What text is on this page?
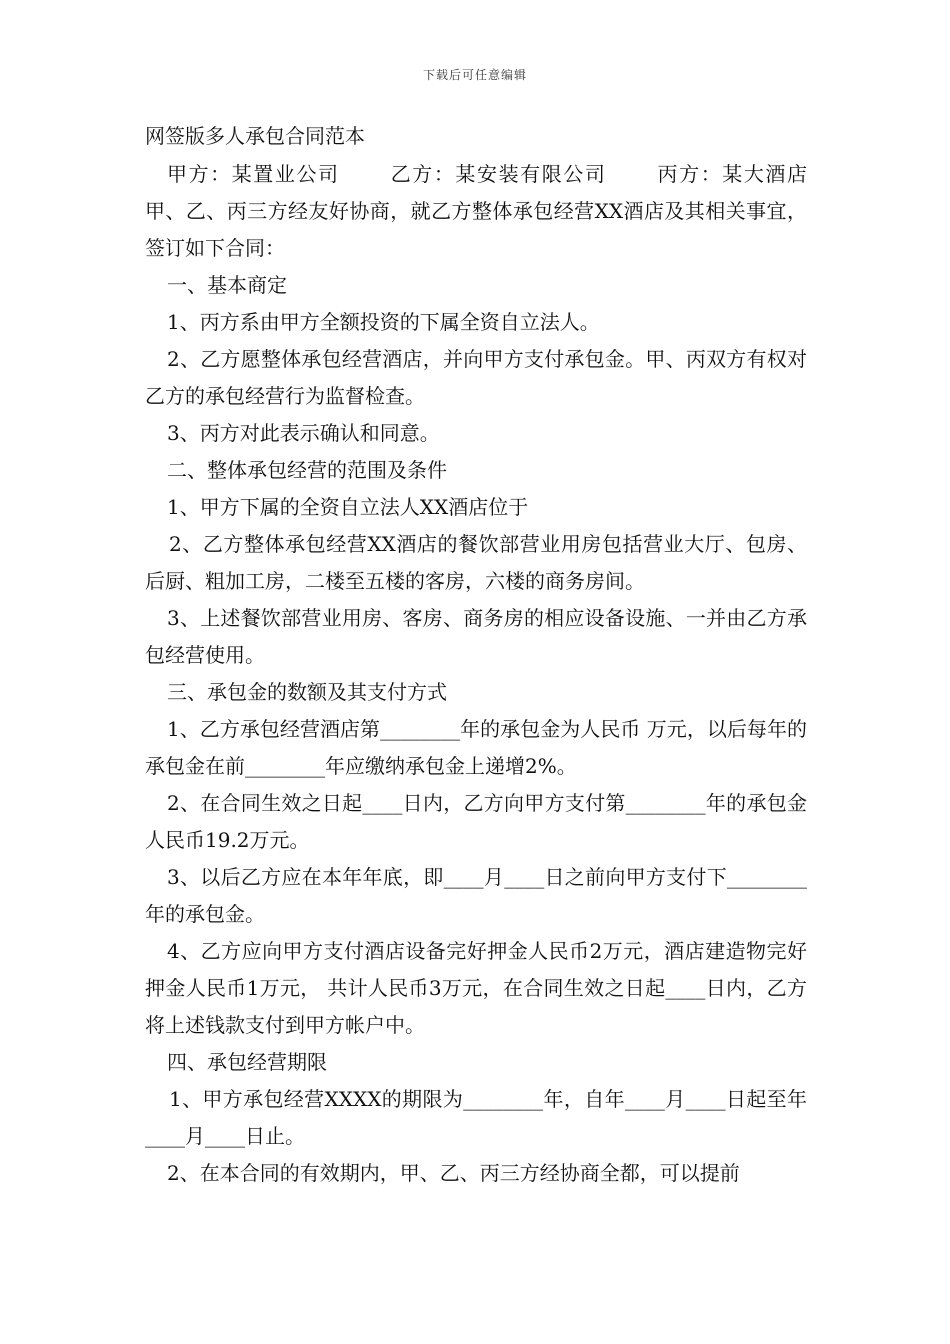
下载后可任意编辑
网签版多人承包合同范本

甲方：某置业公司　　 乙方：某安装有限公司　　 丙方：某大酒店　　 甲、乙、丙三方经友好协商，就乙方整体承包经营XX酒店及其相关事宜，签订如下合同：

一、基本商定

1、丙方系由甲方全额投资的下属全资自立法人。

2、乙方愿整体承包经营酒店，并向甲方支付承包金。甲、丙双方有权对乙方的承包经营行为监督检查。

3、丙方对此表示确认和同意。

二、整体承包经营的范围及条件

1、甲方下属的全资自立法人XX酒店位于

2、乙方整体承包经营XX酒店的餐饮部营业用房包括营业大厅、包房、后厨、粗加工房，二楼至五楼的客房，六楼的商务房间。

3、上述餐饮部营业用房、客房、商务房的相应设备设施、一并由乙方承包经营使用。

三、承包金的数额及其支付方式

1、乙方承包经营酒店第________年的承包金为人民币 万元，以后每年的承包金在前________年应缴纳承包金上递增2%。

2、在合同生效之日起____日内，乙方向甲方支付第________年的承包金人民币19.2万元。

3、以后乙方应在本年年底，即____月____日之前向甲方支付下________年的承包金。

4、乙方应向甲方支付酒店设备完好押金人民币2万元，酒店建造物完好押金人民币1万元， 共计人民币3万元，在合同生效之日起____日内，乙方将上述钱款支付到甲方帐户中。

四、承包经营期限

1、甲方承包经营XXXX的期限为________年，自年____月____日起至年____月____日止。

2、在本合同的有效期内，甲、乙、丙三方经协商全都，可以提前
